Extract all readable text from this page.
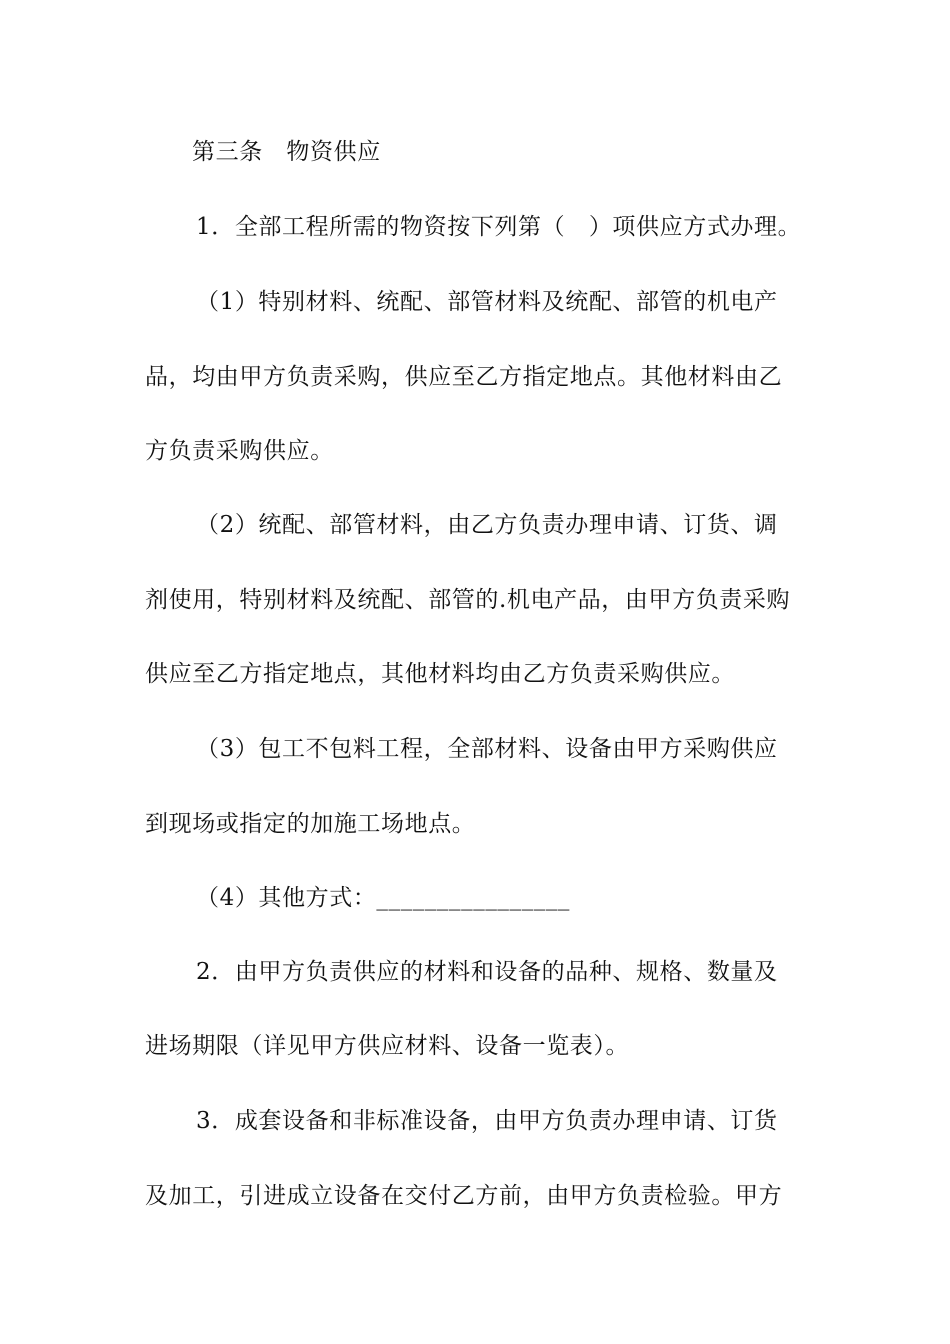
第三条　物资供应
1．全部工程所需的物资按下列第（　）项供应方式办理。
（1）特别材料、统配、部管材料及统配、部管的机电产
品，均由甲方负责采购，供应至乙方指定地点。其他材料由乙
方负责采购供应。
（2）统配、部管材料，由乙方负责办理申请、订货、调
剂使用，特别材料及统配、部管的.机电产品，由甲方负责采购
供应至乙方指定地点，其他材料均由乙方负责采购供应。
（3）包工不包料工程，全部材料、设备由甲方采购供应
到现场或指定的加施工场地点。
（4）其他方式：________________
2．由甲方负责供应的材料和设备的品种、规格、数量及
进场期限（详见甲方供应材料、设备一览表）。
3．成套设备和非标准设备，由甲方负责办理申请、订货
及加工，引进成立设备在交付乙方前，由甲方负责检验。甲方
